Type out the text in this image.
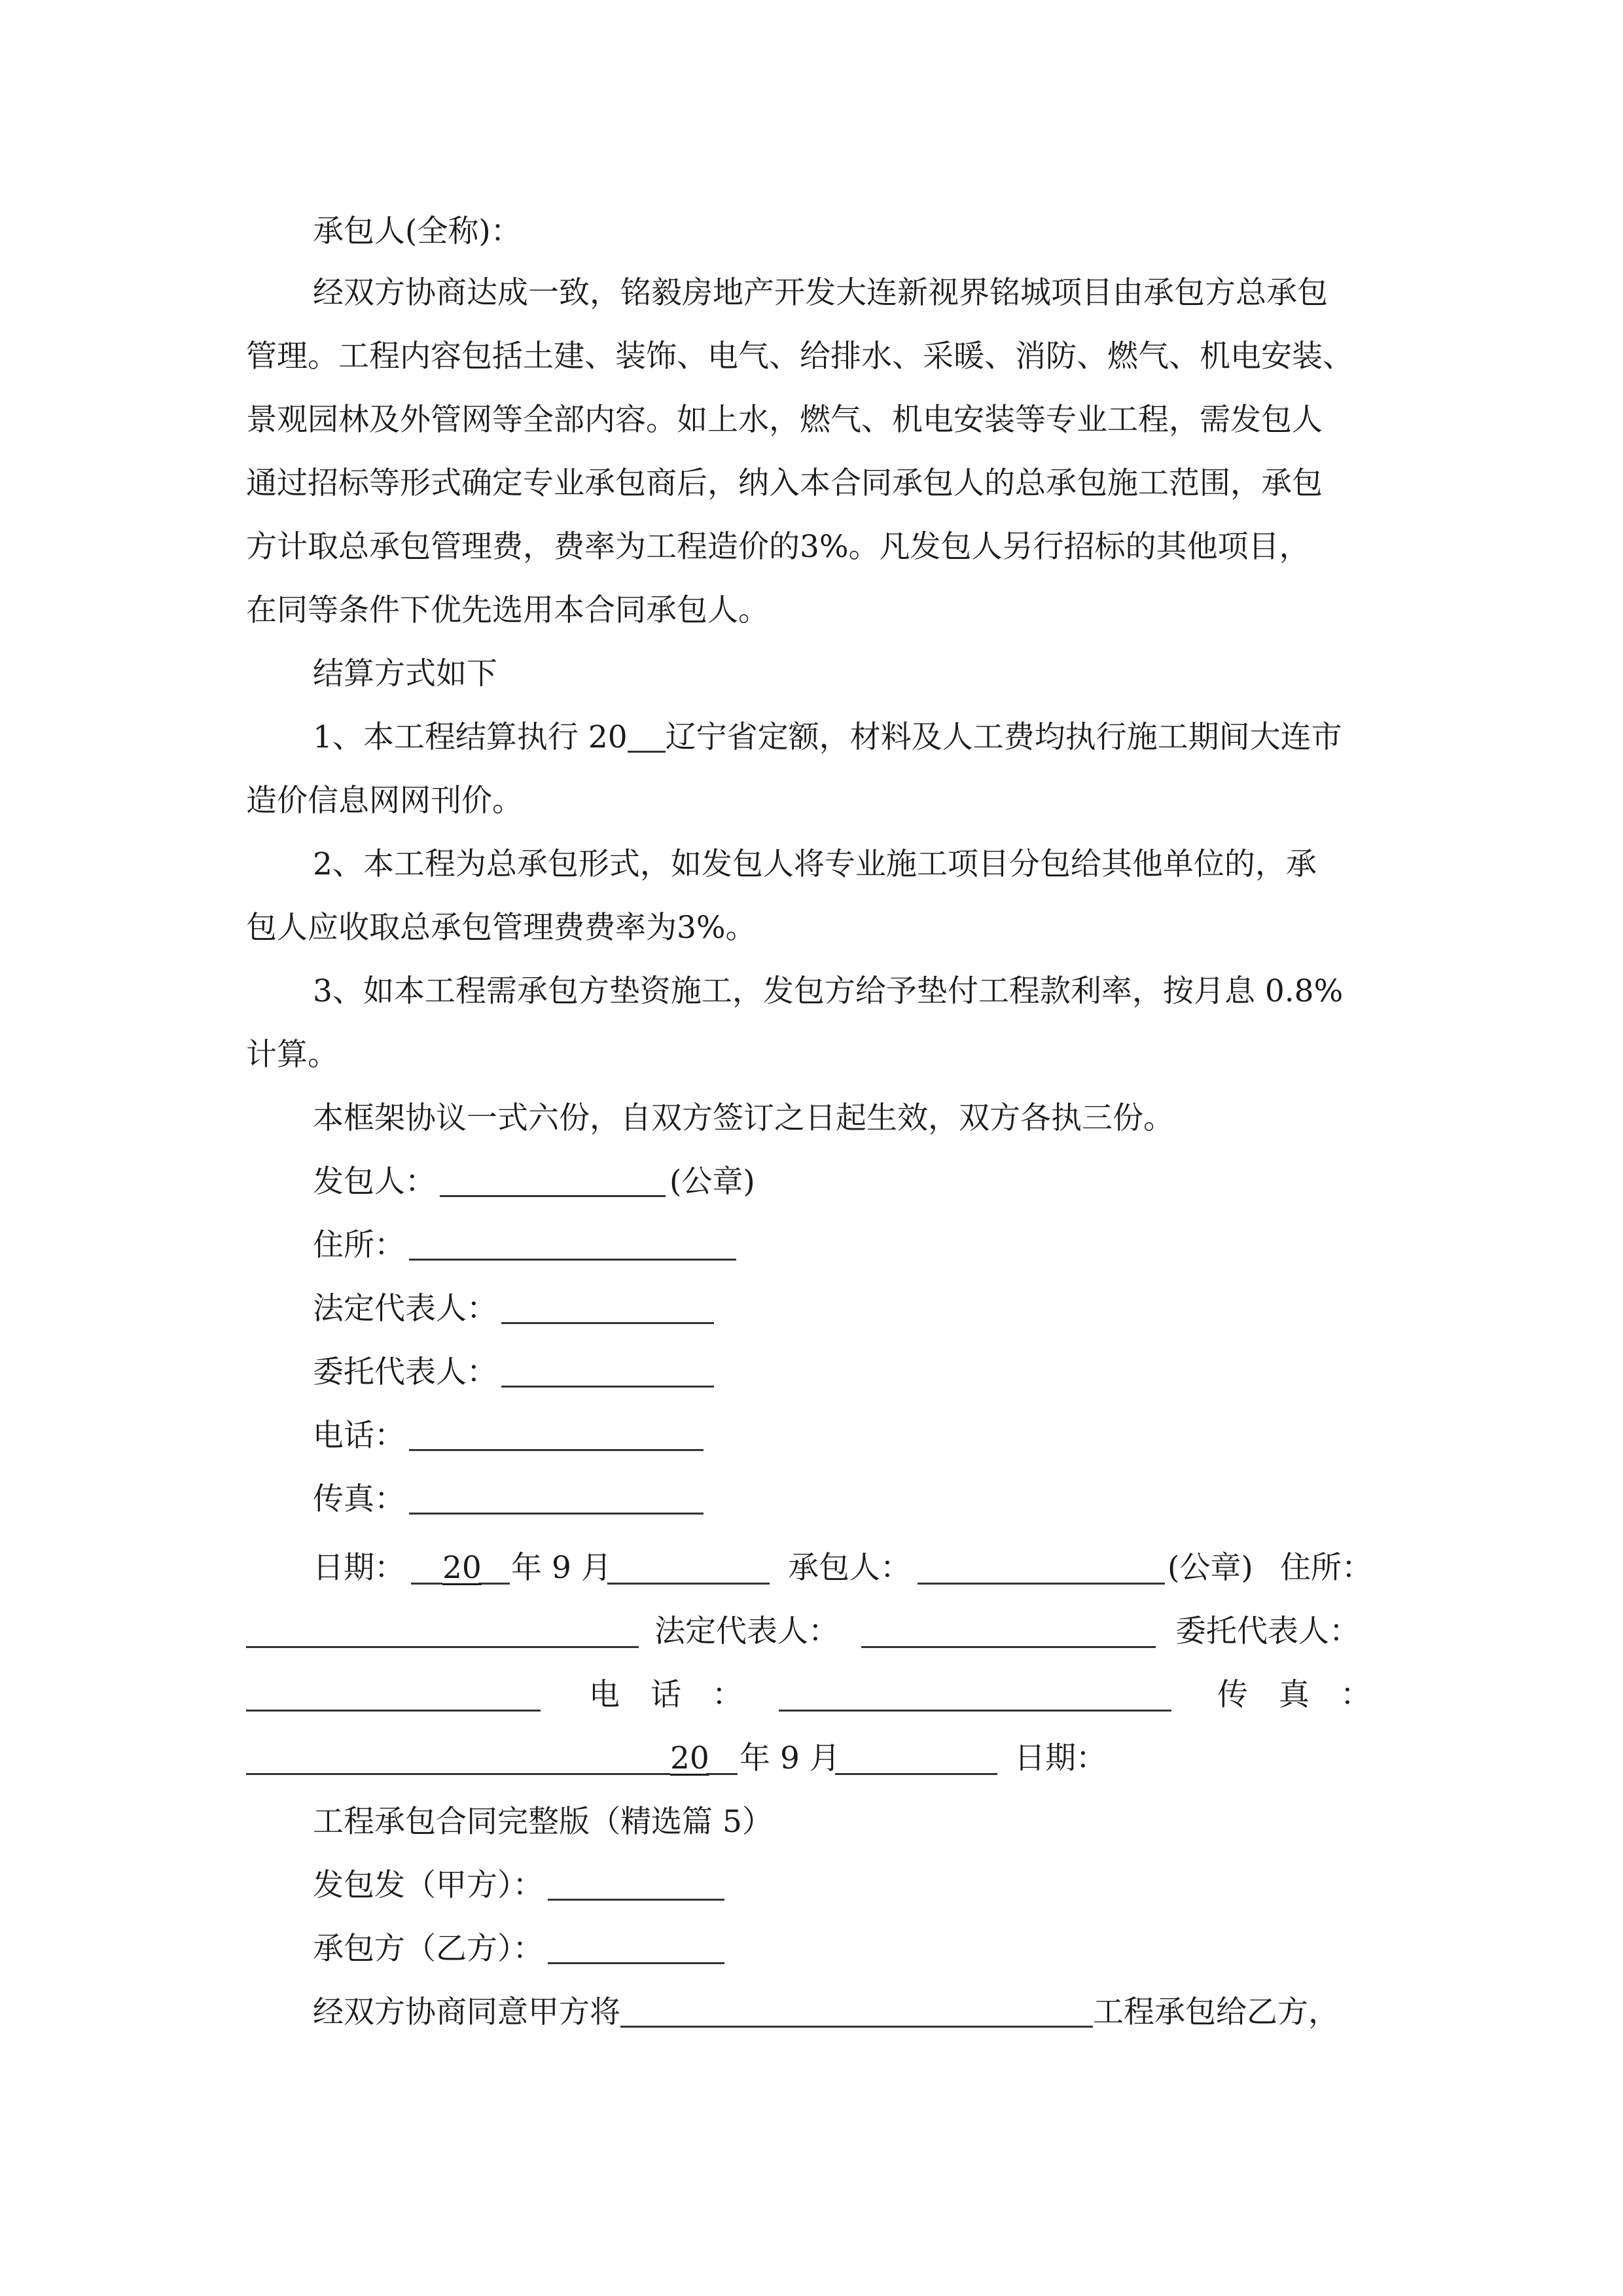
承包人(全称)：
经双方协商达成一致，铭毅房地产开发大连新视界铭城项目由承包方总承包
管理。工程内容包括土建、装饰、电气、给排水、采暖、消防、燃气、机电安装、
景观园林及外管网等全部内容。如上水，燃气、机电安装等专业工程，需发包人
通过招标等形式确定专业承包商后，纳入本合同承包人的总承包施工范围，承包
方计取总承包管理费，费率为工程造价的3%。凡发包人另行招标的其他项目，
在同等条件下优先选用本合同承包人。
结算方式如下
1、本工程结算执行 20 辽宁省定额，材料及人工费均执行施工期间大连市
造价信息网网刊价。
2、本工程为总承包形式，如发包人将专业施工项目分包给其他单位的，承
包人应收取总承包管理费费率为3%。
3、如本工程需承包方垫资施工，发包方给予垫付工程款利率，按月息 0.8%
计算。
本框架协议一式六份，自双方签订之日起生效，双方各执三份。
发包人：	(公章)
住所：
法定代表人：
委托代表人：
电话：
传真：
日期： 20 年 9 月	承包人：	(公章) 住所：
法定代表人：	委托代表人：
电　话　：	传　真　：
20 年 9 月	日期：
工程承包合同完整版（精选篇 5）
发包发（甲方）：
承包方（乙方）：
经双方协商同意甲方将	工程承包给乙方，
